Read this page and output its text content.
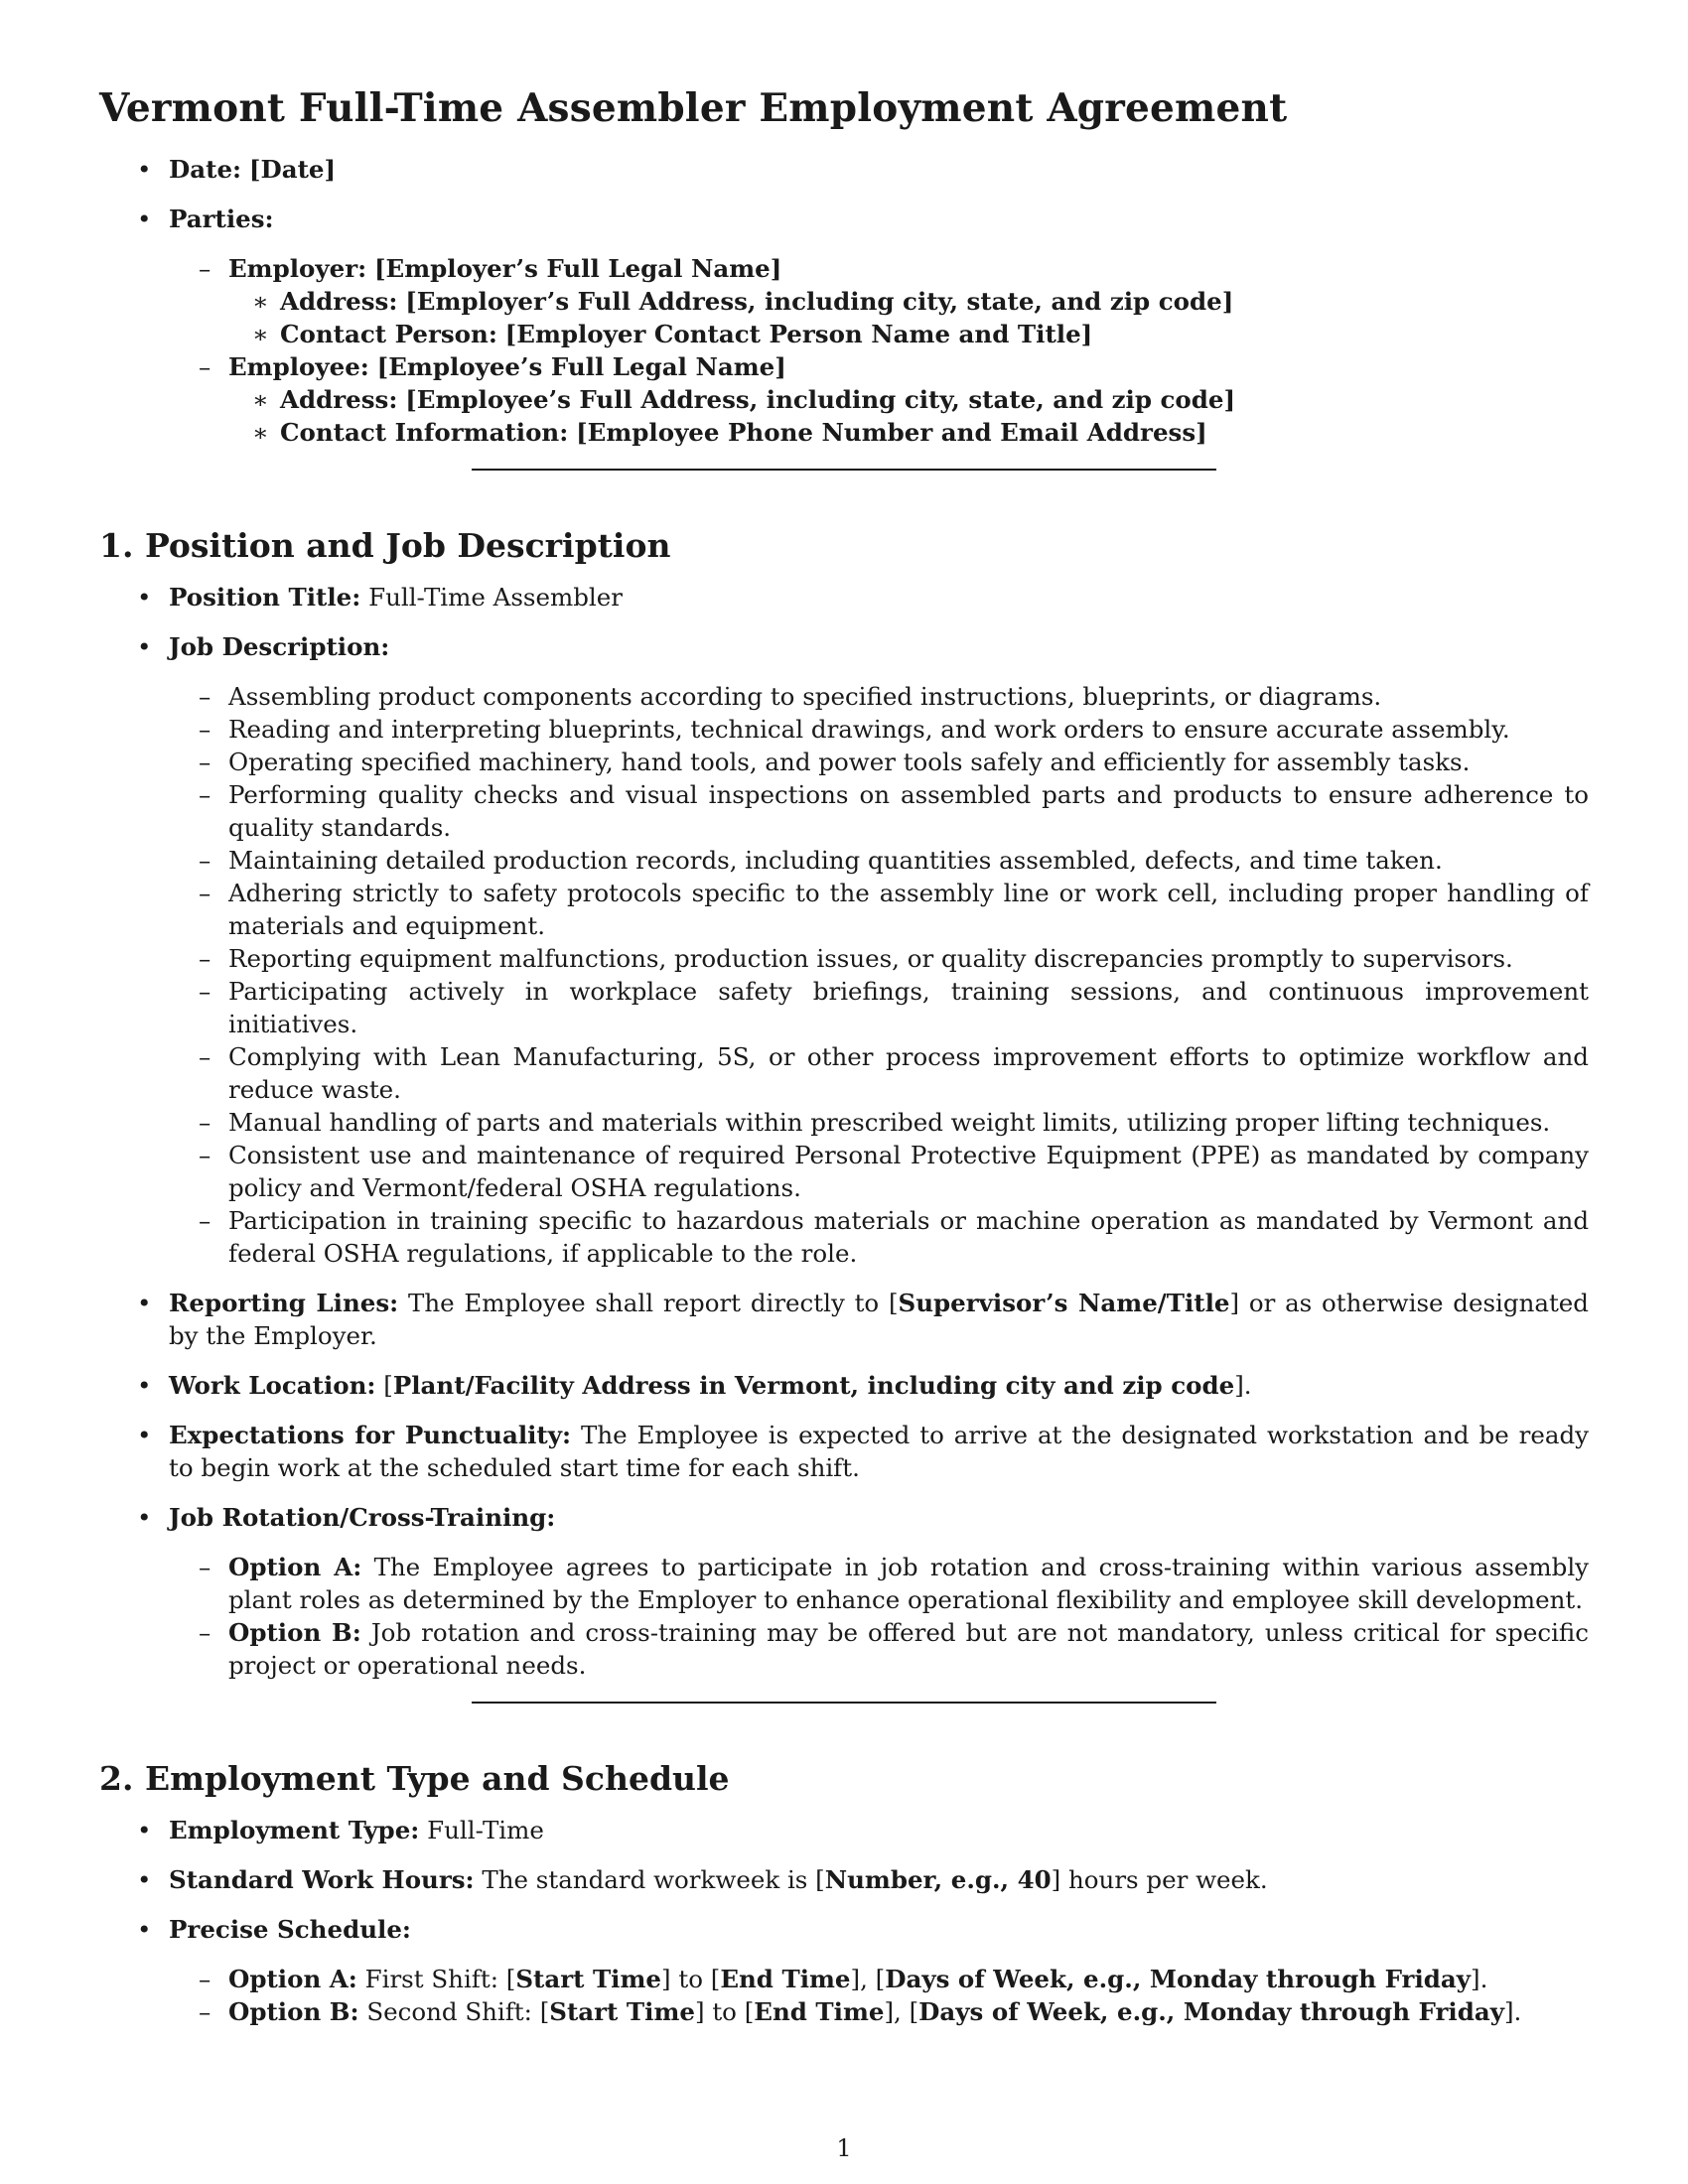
Vermont Full-Time Assembler Employment Agreement
• Date: [Date]
• Parties:
– Employer: [Employer’s Full Legal Name]
∗ Address: [Employer’s Full Address, including city, state, and zip code]
∗ Contact Person: [Employer Contact Person Name and Title]
– Employee: [Employee’s Full Legal Name]
∗ Address: [Employee’s Full Address, including city, state, and zip code]
∗ Contact Information: [Employee Phone Number and Email Address]
1. Position and Job Description
• Position Title: Full-Time Assembler
• Job Description:
– Assembling product components according to specified instructions, blueprints, or diagrams.
– Reading and interpreting blueprints, technical drawings, and work orders to ensure accurate assembly.
– Operating specified machinery, hand tools, and power tools safely and efficiently for assembly tasks.
– Performing quality checks and visual inspections on assembled parts and products to ensure adherence to quality standards.
– Maintaining detailed production records, including quantities assembled, defects, and time taken.
– Adhering strictly to safety protocols specific to the assembly line or work cell, including proper handling of materials and equipment.
– Reporting equipment malfunctions, production issues, or quality discrepancies promptly to supervisors.
– Participating actively in workplace safety briefings, training sessions, and continuous improvement initiatives.
– Complying with Lean Manufacturing, 5S, or other process improvement efforts to optimize workflow and reduce waste.
– Manual handling of parts and materials within prescribed weight limits, utilizing proper lifting techniques.
– Consistent use and maintenance of required Personal Protective Equipment (PPE) as mandated by company policy and Vermont/federal OSHA regulations.
– Participation in training specific to hazardous materials or machine operation as mandated by Vermont and federal OSHA regulations, if applicable to the role.
• Reporting Lines: The Employee shall report directly to [Supervisor’s Name/Title] or as otherwise designated by the Employer.
• Work Location: [Plant/Facility Address in Vermont, including city and zip code].
• Expectations for Punctuality: The Employee is expected to arrive at the designated workstation and be ready to begin work at the scheduled start time for each shift.
• Job Rotation/Cross-Training:
– Option A: The Employee agrees to participate in job rotation and cross-training within various assembly plant roles as determined by the Employer to enhance operational flexibility and employee skill development.
– Option B: Job rotation and cross-training may be offered but are not mandatory, unless critical for specific project or operational needs.
2. Employment Type and Schedule
• Employment Type: Full-Time
• Standard Work Hours: The standard workweek is [Number, e.g., 40] hours per week.
• Precise Schedule:
– Option A: First Shift: [Start Time] to [End Time], [Days of Week, e.g., Monday through Friday].
– Option B: Second Shift: [Start Time] to [End Time], [Days of Week, e.g., Monday through Friday].
1
